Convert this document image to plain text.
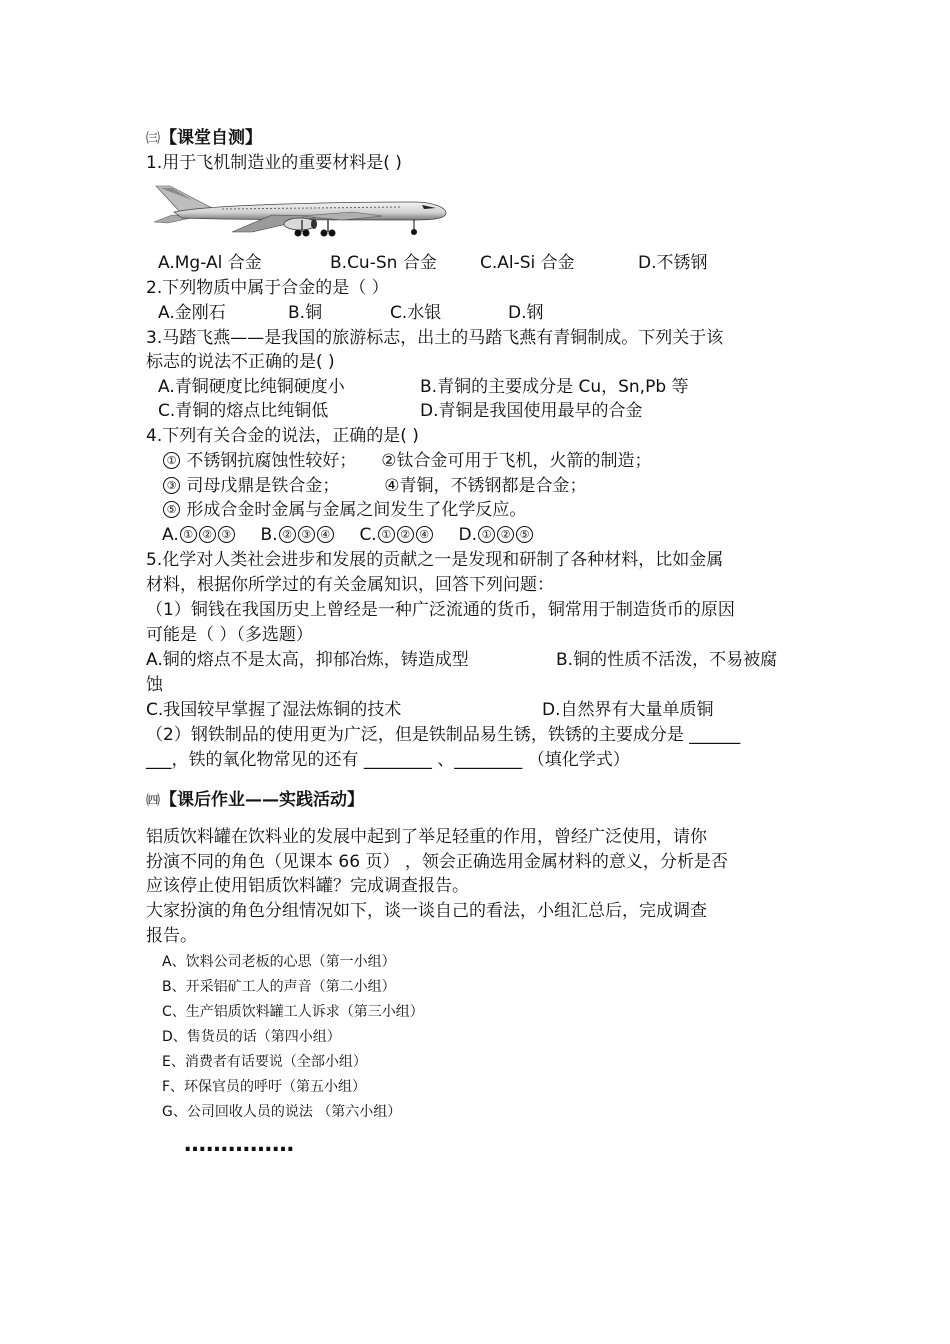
㈢【课堂自测】
1.用于飞机制造业的重要材料是( )
A.Mg-Al 合金	B.Cu-Sn 合金	C.Al-Si 合金	D.不锈钢
2.下列物质中属于合金的是（ ）
A.金刚石	B.铜	C.水银	D.钢
3.马踏飞燕——是我国的旅游标志，出土的马踏飞燕有青铜制成。下列关于该
标志的说法不正确的是( )
A.青铜硬度比纯铜硬度小	B.青铜的主要成分是 Cu，Sn,Pb 等
C.青铜的熔点比纯铜低	D.青铜是我国使用最早的合金
4.下列有关合金的说法，正确的是( )
① 不锈钢抗腐蚀性较好； ②钛合金可用于飞机，火箭的制造；
③ 司母戊鼎是铁合金；	④青铜，不锈钢都是合金；
⑤ 形成合金时金属与金属之间发生了化学反应。
A. ① ② ③ B. ② ③ ④ C. ① ② ④ D. ① ② ⑤
5.化学对人类社会进步和发展的贡献之一是发现和研制了各种材料，比如金属
材料，根据你所学过的有关金属知识，回答下列问题：
（1）铜钱在我国历史上曾经是一种广泛流通的货币，铜常用于制造货币的原因
可能是（ ）（多选题）
A.铜的熔点不是太高，抑郁冶炼，铸造成型	B.铜的性质不活泼，不易被腐
蚀
C.我国较早掌握了湿法炼铜的技术	D.自然界有大量单质铜
（2）钢铁制品的使用更为广泛，但是铁制品易生锈，铁锈的主要成分是 ______
___，铁的氧化物常见的还有 ________ 、________ （填化学式）
㈣【课后作业——实践活动】
铝质饮料罐在饮料业的发展中起到了举足轻重的作用，曾经广泛使用，请你
扮演不同的角色（见课本 66 页） ，领会正确选用金属材料的意义，分析是否
应该停止使用铝质饮料罐？完成调查报告。
大家扮演的角色分组情况如下，谈一谈自己的看法，小组汇总后，完成调查
报告。
A、饮料公司老板的心思（第一小组）
B、开采铝矿工人的声音（第二小组）
C、生产铝质饮料罐工人诉求（第三小组）
D、售货员的话（第四小组）
E、消费者有话要说（全部小组）
F、环保官员的呼吁（第五小组）
G、公司回收人员的说法 （第六小组）
……………
